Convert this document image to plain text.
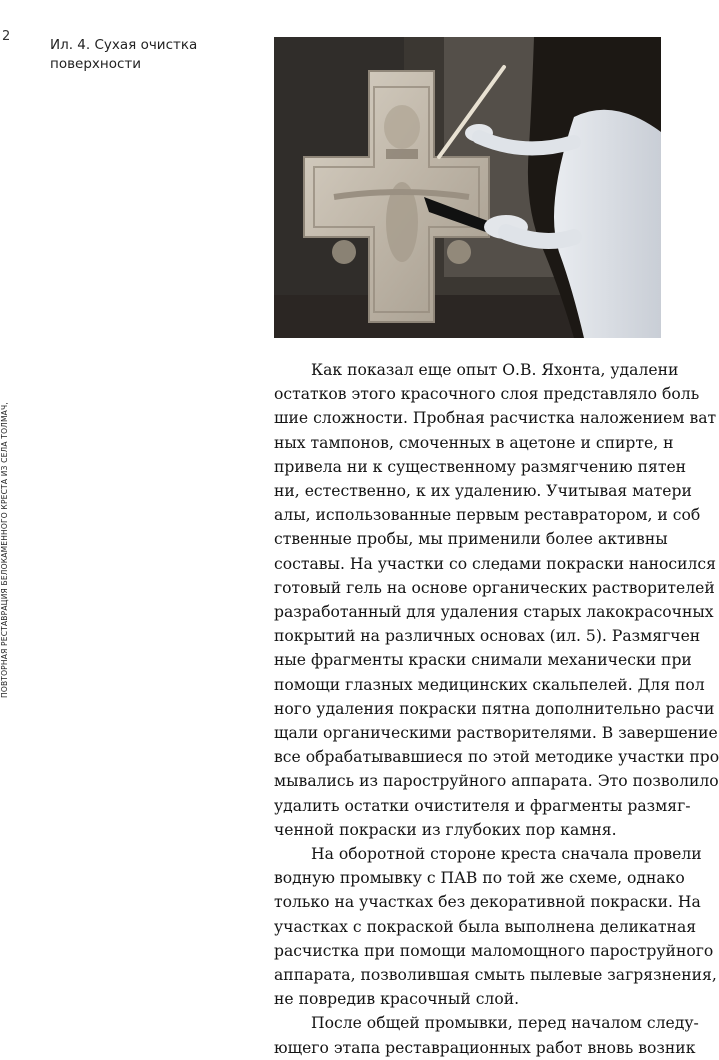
2
ПОВТОРНАЯ РЕСТАВРАЦИЯ БЕЛОКАМЕННОГО КРЕСТА ИЗ СЕЛА ТОЛМАЧ,
Ил. 4. Сухая очистка
поверхности
Как показал еще опыт О.В. Яхонта, удалени
остатков этого красочного слоя представляло боль
шие сложности. Пробная расчистка наложением ват
ных тампонов, смоченных в ацетоне и спирте, н
привела ни к существенному размягчению пятен
ни, естественно, к их удалению. Учитывая матери
алы, использованные первым реставратором, и соб
ственные пробы, мы применили более активны
составы. На участки со следами покраски наносился
готовый гель на основе органических растворителей
разработанный для удаления старых лакокрасочных
покрытий на различных основах (ил. 5). Размягчен
ные фрагменты краски снимали механически при
помощи глазных медицинских скальпелей. Для пол
ного удаления покраски пятна дополнительно расчи
щали органическими растворителями. В завершение
все обрабатывавшиеся по этой методике участки про
мывались из пароструйного аппарата. Это позволило
удалить остатки очистителя и фрагменты размяг-
ченной покраски из глубоких пор камня.
На оборотной стороне креста сначала провели
водную промывку с ПАВ по той же схеме, однако
только на участках без декоративной покраски. На
участках с покраской была выполнена деликатная
расчистка при помощи маломощного пароструйного
аппарата, позволившая смыть пылевые загрязнения,
не повредив красочный слой.
После общей промывки, перед началом следу-
ющего этапа реставрационных работ вновь возник
